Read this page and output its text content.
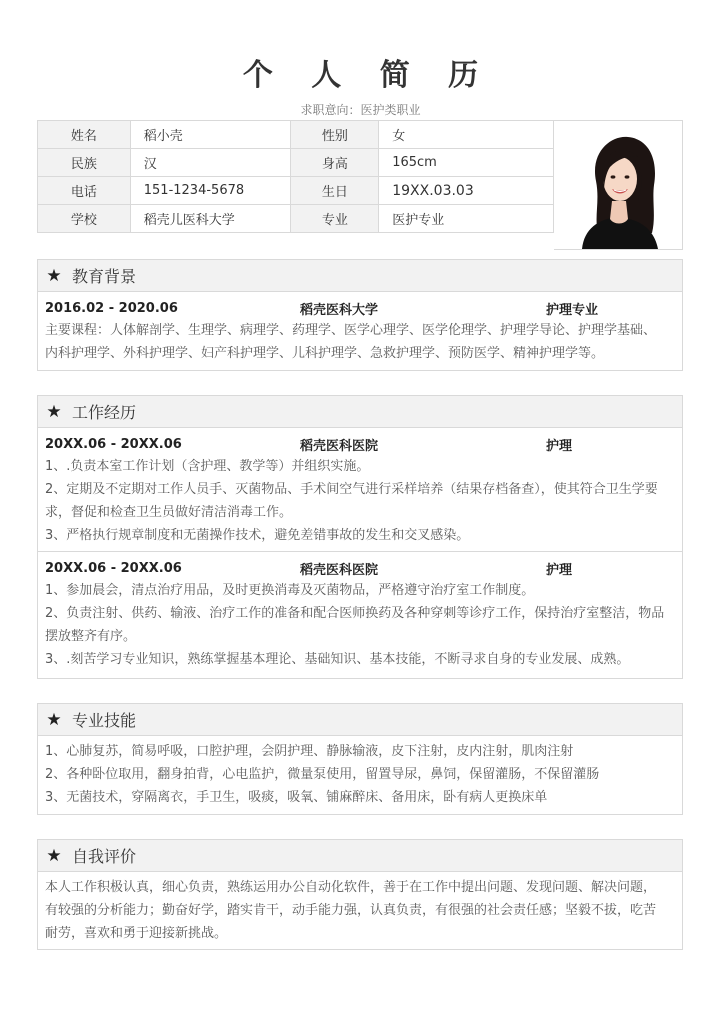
个 人 简 历
求职意向：医护类职业
姓名	稻小壳	性别	女
民族	汉	身高	165cm
电话	151-1234-5678	生日	19XX.03.03
学校	稻壳儿医科大学	专业	医护专业
★ 教育背景
2016.02 - 2020.06	稻壳医科大学	护理专业

主要课程：人体解剖学、生理学、病理学、药理学、医学心理学、医学伦理学、护理学导论、护理学基础、

内科护理学、外科护理学、妇产科护理学、儿科护理学、急救护理学、预防医学、精神护理学等。

★ 工作经历
20XX.06 - 20XX.06	稻壳医科医院	护理

1、.负责本室工作计划（含护理、教学等）并组织实施。

2、定期及不定期对工作人员手、灭菌物品、手术间空气进行采样培养（结果存档备查），使其符合卫生学要

求，督促和检查卫生员做好清洁消毒工作。

3、严格执行规章制度和无菌操作技术，避免差错事故的发生和交叉感染。

20XX.06 - 20XX.06	稻壳医科医院	护理

1、参加晨会，清点治疗用品，及时更换消毒及灭菌物品，严格遵守治疗室工作制度。

2、负责注射、供药、输液、治疗工作的准备和配合医师换药及各种穿刺等诊疗工作，保持治疗室整洁，物品

摆放整齐有序。

3、.刻苦学习专业知识，熟练掌握基本理论、基础知识、基本技能，不断寻求自身的专业发展、成熟。

★ 专业技能

1、心肺复苏，简易呼吸，口腔护理，会阴护理、静脉输液，皮下注射，皮内注射，肌肉注射

2、各种卧位取用，翻身拍背，心电监护，微量泵使用，留置导尿，鼻饲，保留灌肠，不保留灌肠

3、无菌技术，穿隔离衣，手卫生，吸痰，吸氧、铺麻醉床、备用床，卧有病人更换床单

★ 自我评价

本人工作积极认真，细心负责，熟练运用办公自动化软件，善于在工作中提出问题、发现问题、解决问题，

有较强的分析能力；勤奋好学，踏实肯干，动手能力强，认真负责，有很强的社会责任感；坚毅不拔，吃苦

耐劳，喜欢和勇于迎接新挑战。
